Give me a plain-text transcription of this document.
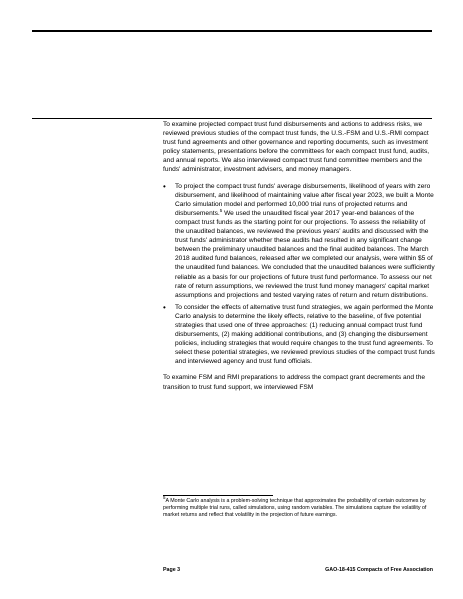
To examine projected compact trust fund disbursements and actions to address risks, we reviewed previous studies of the compact trust funds, the U.S.-FSM and U.S.-RMI compact trust fund agreements and other governance and reporting documents, such as investment policy statements, presentations before the committees for each compact trust fund, audits, and annual reports. We also interviewed compact trust fund committee members and the funds' administrator, investment advisers, and money managers.

• To project the compact trust funds' average disbursements, likelihood of years with zero disbursement, and likelihood of maintaining value after fiscal year 2023, we built a Monte Carlo simulation model and performed 10,000 trial runs of projected returns and disbursements.$^5$ We used the unaudited fiscal year 2017 year-end balances of the compact trust funds as the starting point for our projections. To assess the reliability of the unaudited balances, we reviewed the previous years' audits and discussed with the trust funds' administrator whether these audits had resulted in any significant change between the preliminary unaudited balances and the final audited balances. The March 2018 audited fund balances, released after we completed our analysis, were within $5 of the unaudited fund balances. We concluded that the unaudited balances were sufficiently reliable as a basis for our projections of future trust fund performance. To assess our net rate of return assumptions, we reviewed the trust fund money managers' capital market assumptions and projections and tested varying rates of return and return distributions.
• To consider the effects of alternative trust fund strategies, we again performed the Monte Carlo analysis to determine the likely effects, relative to the baseline, of five potential strategies that used one of three approaches: (1) reducing annual compact trust fund disbursements, (2) making additional contributions, and (3) changing the disbursement policies, including strategies that would require changes to the trust fund agreements. To select these potential strategies, we reviewed previous studies of the compact trust funds and interviewed agency and trust fund officials.

To examine FSM and RMI preparations to address the compact grant decrements and the transition to trust fund support, we interviewed FSM

$^5$A Monte Carlo analysis is a problem-solving technique that approximates the probability of certain outcomes by performing multiple trial runs, called simulations, using random variables. The simulations capture the volatility of market returns and reflect that volatility in the projection of future earnings.
Page 3	GAO-18-415 Compacts of Free Association
